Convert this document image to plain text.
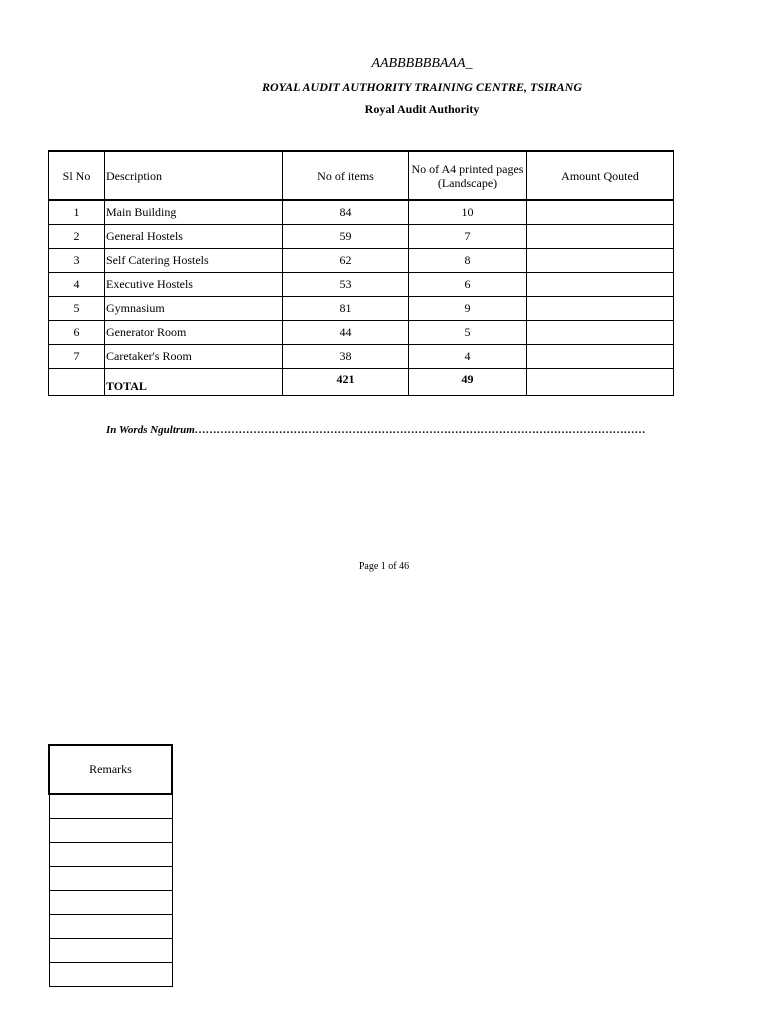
AABBBBBBAAA_
ROYAL AUDIT AUTHORITY TRAINING CENTRE, TSIRANG
Royal Audit Authority
Sl No	Description	No of items	No of A4 printed pages (Landscape)	Amount Qouted
1	Main Building	84	10	
2	General Hostels	59	7	
3	Self Catering Hostels	62	8	
4	Executive Hostels	53	6	
5	Gymnasium	81	9	
6	Generator Room	44	5	
7	Caretaker's Room	38	4	
	TOTAL	421	49	
In Words Ngultrum……………………………………………………………………………………………………………
Page 1 of 46
Remarks
